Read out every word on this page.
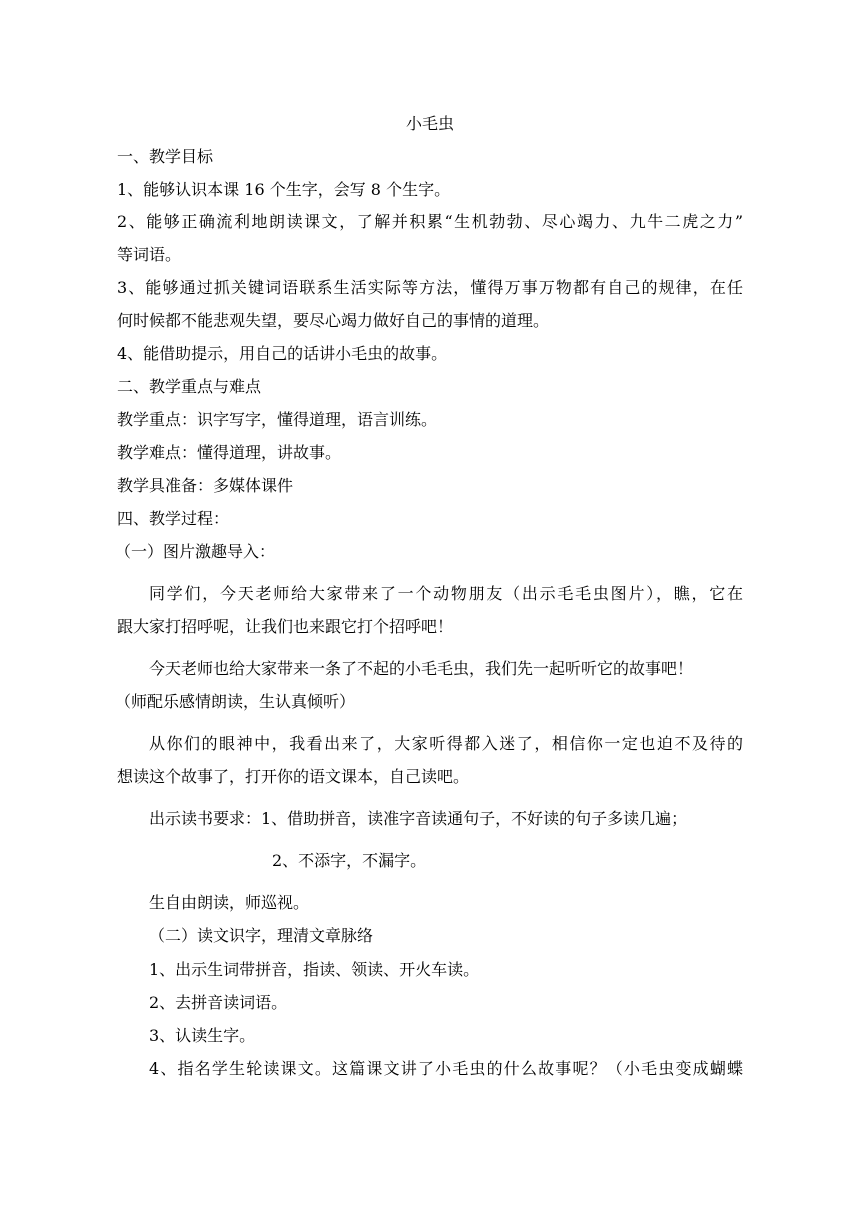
小毛虫
一、教学目标
1、能够认识本课 16 个生字，会写 8 个生字。
2、能够正确流利地朗读课文，了解并积累“生机勃勃、尽心竭力、九牛二虎之力”
等词语。
3、能够通过抓关键词语联系生活实际等方法，懂得万事万物都有自己的规律，在任
何时候都不能悲观失望，要尽心竭力做好自己的事情的道理。
4、能借助提示，用自己的话讲小毛虫的故事。
二、教学重点与难点
教学重点：识字写字，懂得道理，语言训练。
教学难点：懂得道理，讲故事。
教学具准备：多媒体课件
四、教学过程：
（一）图片激趣导入：
同学们，今天老师给大家带来了一个动物朋友（出示毛毛虫图片），瞧，它在
跟大家打招呼呢，让我们也来跟它打个招呼吧！
今天老师也给大家带来一条了不起的小毛毛虫，我们先一起听听它的故事吧！
（师配乐感情朗读，生认真倾听）
从你们的眼神中，我看出来了，大家听得都入迷了，相信你一定也迫不及待的
想读这个故事了，打开你的语文课本，自己读吧。
出示读书要求：1、借助拼音，读准字音读通句子，不好读的句子多读几遍；
2、不添字，不漏字。
生自由朗读，师巡视。
（二）读文识字，理清文章脉络
1、出示生词带拼音，指读、领读、开火车读。
2、去拼音读词语。
3、认读生字。
4、指名学生轮读课文。这篇课文讲了小毛虫的什么故事呢？（小毛虫变成蝴蝶
